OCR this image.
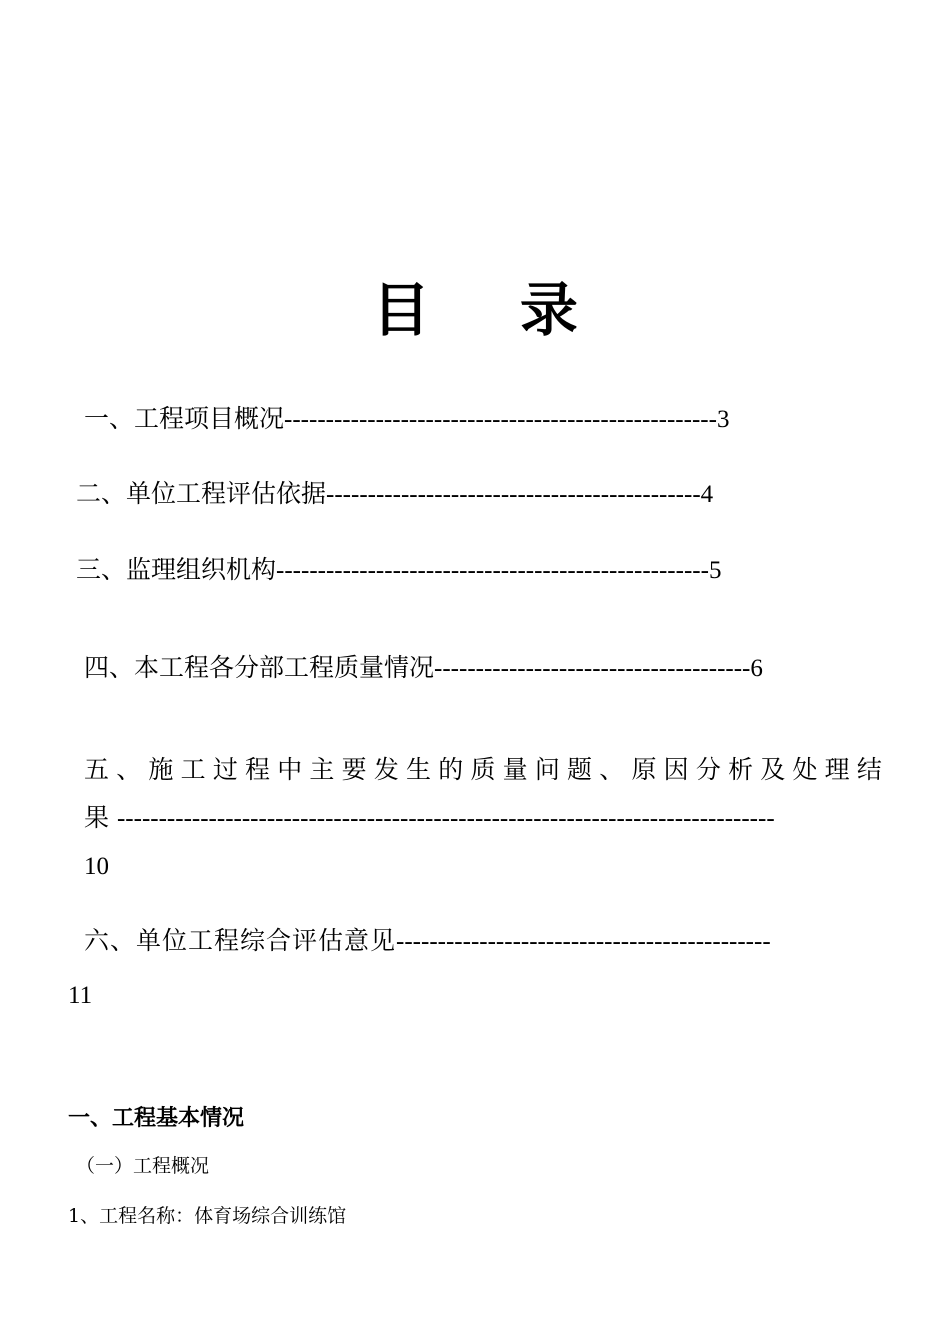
目 录
一、工程项目概况----------------------------------------------------3
二、单位工程评估依据---------------------------------------------4
三、监理组织机构----------------------------------------------------5
四、本工程各分部工程质量情况--------------------------------------6
五 、 施 工 过 程 中 主 要 发 生 的 质 量 问 题 、 原 因 分 析 及 处 理 结
果 -------------------------------------------------------------------------------
10
六、单位工程综合评估意见---------------------------------------------
11
一、工程基本情况
（一）工程概况
1、工程名称：体育场综合训练馆
